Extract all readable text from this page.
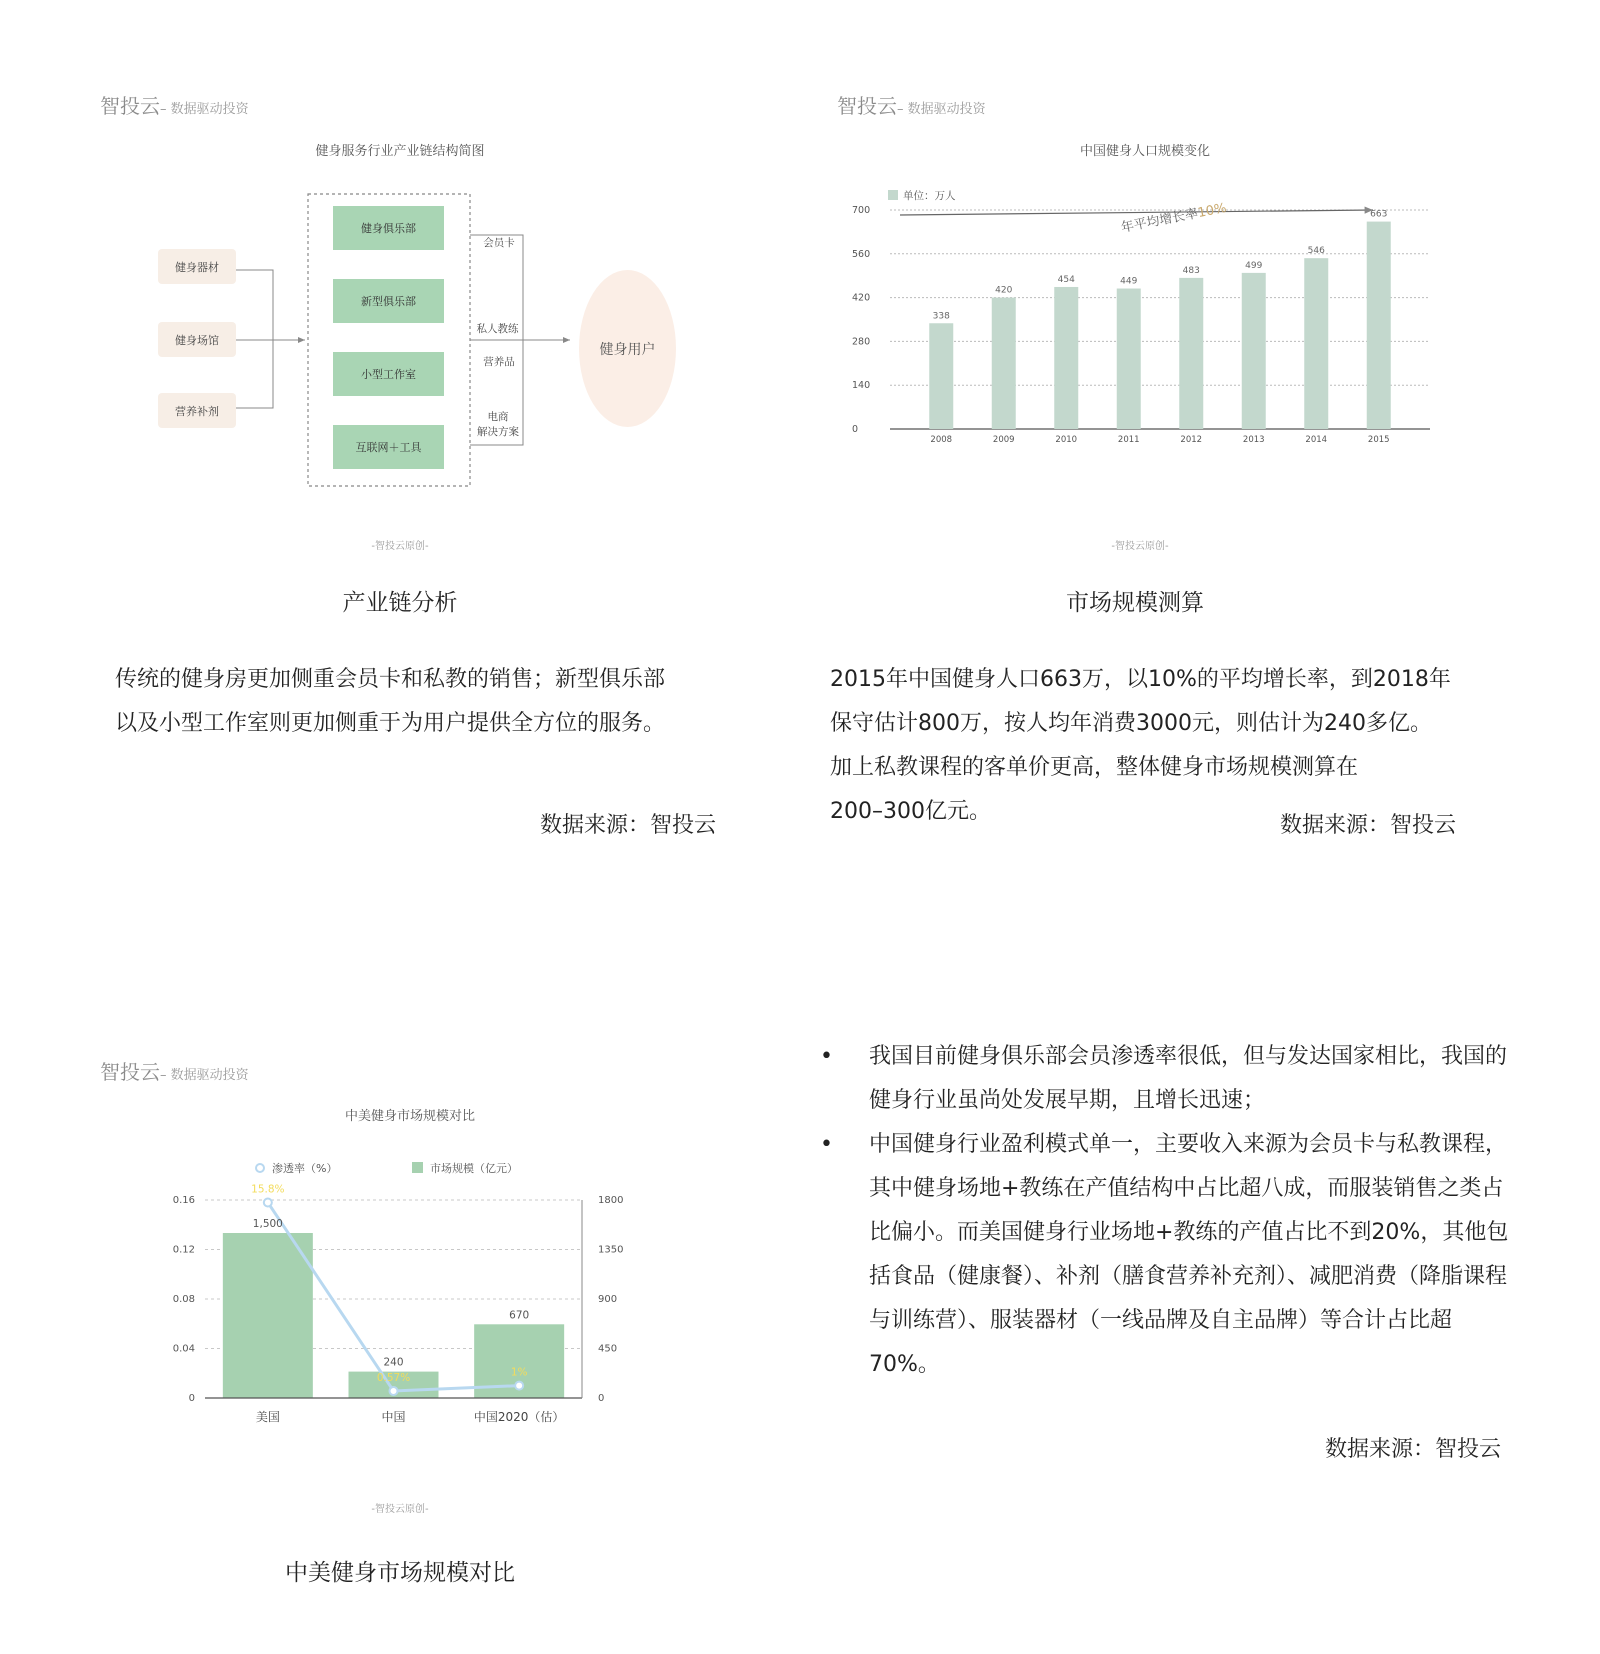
智投云– 数据驱动投资
健身服务行业产业链结构简图
健身器材
健身场馆
营养补剂
健身俱乐部
新型俱乐部
小型工作室
互联网＋工具
会员卡
私人教练
营养品
电商
解决方案
健身用户
-智投云原创-
产业链分析

传统的健身房更加侧重会员卡和私教的销售；新型俱乐部

以及小型工作室则更加侧重于为用户提供全方位的服务。

数据来源：智投云
智投云– 数据驱动投资
中国健身人口规模变化
单位：万人
338
420
454	449
483
499
546
663
2008	2009	2010	2011	2012	2013	2014	2015
0
140
280
420
560
700	年平均增长率10%
-智投云原创-
市场规模测算

2015年中国健身人口663万，以10%的平均增长率，到2018年

保守估计800万，按人均年消费3000元，则估计为240多亿。

加上私教课程的客单价更高，整体健身市场规模测算在

200–300亿元。

数据来源：智投云
智投云– 数据驱动投资
中美健身市场规模对比
渗透率（%）	市场规模（亿元）
1,500
美国
240
中国
670
中国2020（估）
15.8%
0.57%	1%
0
0.04
0.08
0.12
0.16
0
450
900
1350
1800
-智投云原创-
中美健身市场规模对比
• 我国目前健身俱乐部会员渗透率很低，但与发达国家相比，我国的健身行业虽尚处发展早期，且增长迅速；
• 中国健身行业盈利模式单一，主要收入来源为会员卡与私教课程，其中健身场地+教练在产值结构中占比超八成，而服装销售之类占比偏小。而美国健身行业场地+教练的产值占比不到20%，其他包括食品（健康餐）、补剂（膳食营养补充剂）、减肥消费（降脂课程与训练营）、服装器材（一线品牌及自主品牌）等合计占比超70%。
数据来源：智投云
